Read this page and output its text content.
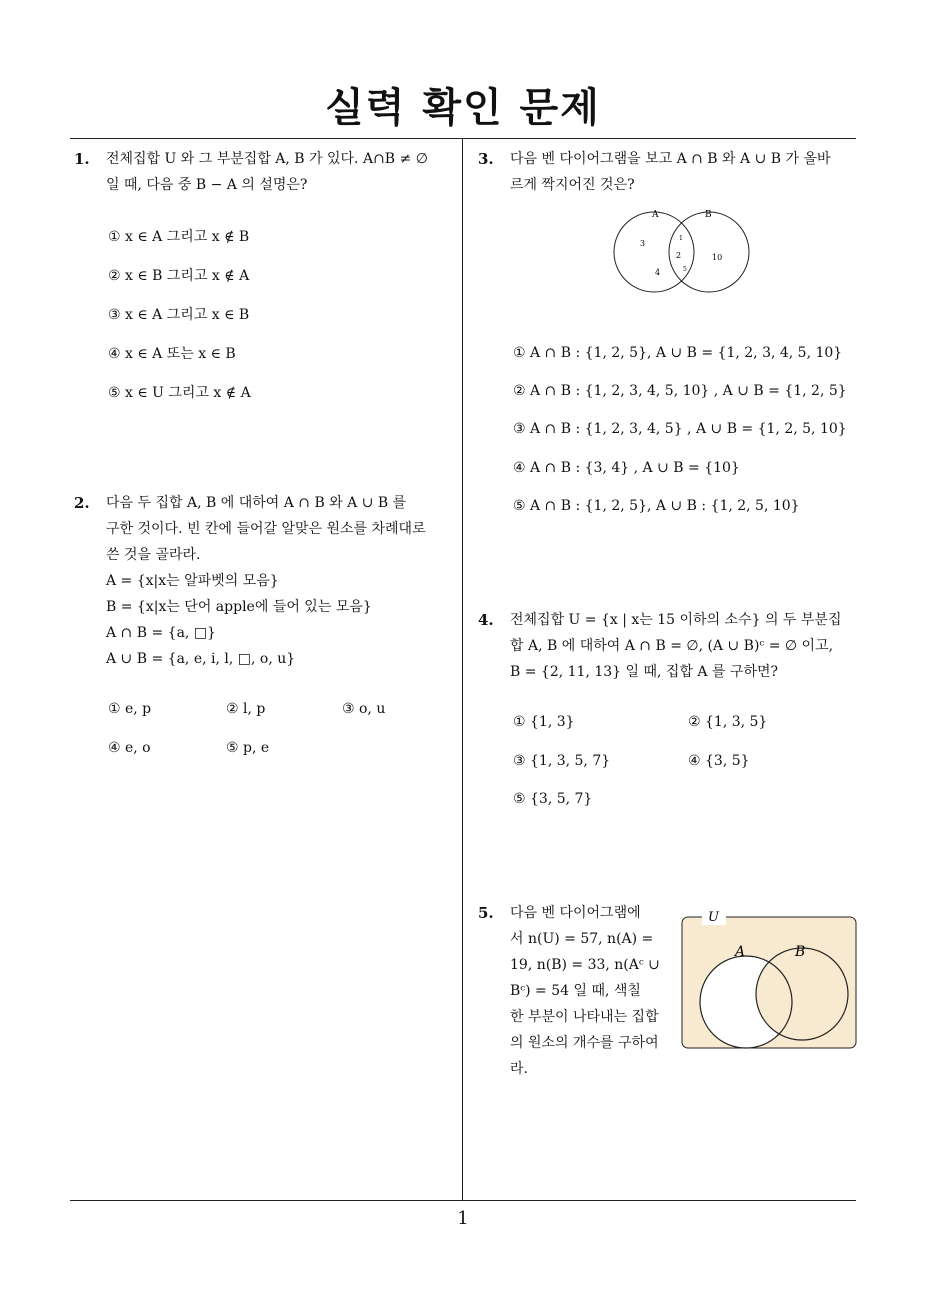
실력 확인 문제
1. 전체집합 U 와 그 부분집합 A, B 가 있다. A∩B ≠ ∅
일 때, 다음 중 B − A 의 설명은?
① x ∈ A 그리고 x ∉ B
② x ∈ B 그리고 x ∉ A
③ x ∈ A 그리고 x ∈ B
④ x ∈ A 또는 x ∈ B
⑤ x ∈ U 그리고 x ∉ A
2. 다음 두 집합 A, B 에 대하여 A ∩ B 와 A ∪ B 를
구한 것이다. 빈 칸에 들어갈 알맞은 원소를 차례대로
쓴 것을 골라라.
A = {x|x는 알파벳의 모음}
B = {x|x는 단어 apple에 들어 있는 모음}
A ∩ B = {a, □}
A ∪ B = {a, e, i, l, □, o, u}
① e, p	② l, p	③ o, u
④ e, o	⑤ p, e
3. 다음 벤 다이어그램을 보고 A ∩ B 와 A ∪ B 가 올바
르게 짝지어진 것은?
A	B
3
1
2
4	5
10
① A ∩ B : {1, 2, 5}, A ∪ B = {1, 2, 3, 4, 5, 10}
② A ∩ B : {1, 2, 3, 4, 5, 10} , A ∪ B = {1, 2, 5}
③ A ∩ B : {1, 2, 3, 4, 5} , A ∪ B = {1, 2, 5, 10}
④ A ∩ B : {3, 4} , A ∪ B = {10}
⑤ A ∩ B : {1, 2, 5}, A ∪ B : {1, 2, 5, 10}
4. 전체집합 U = {x | x는 15 이하의 소수} 의 두 부분집
합 A, B 에 대하여 A ∩ B = ∅, (A ∪ B)ᶜ = ∅ 이고,
B = {2, 11, 13} 일 때, 집합 A 를 구하면?
① {1, 3}	② {1, 3, 5}
③ {1, 3, 5, 7}	④ {3, 5}
⑤ {3, 5, 7}
5. 다음 벤 다이어그램에
서 n(U) = 57, n(A) =
19, n(B) = 33, n(Aᶜ ∪
Bᶜ) = 54 일 때, 색칠
한 부분이 나타내는 집합
의 원소의 개수를 구하여
라.
U
A	B
1
